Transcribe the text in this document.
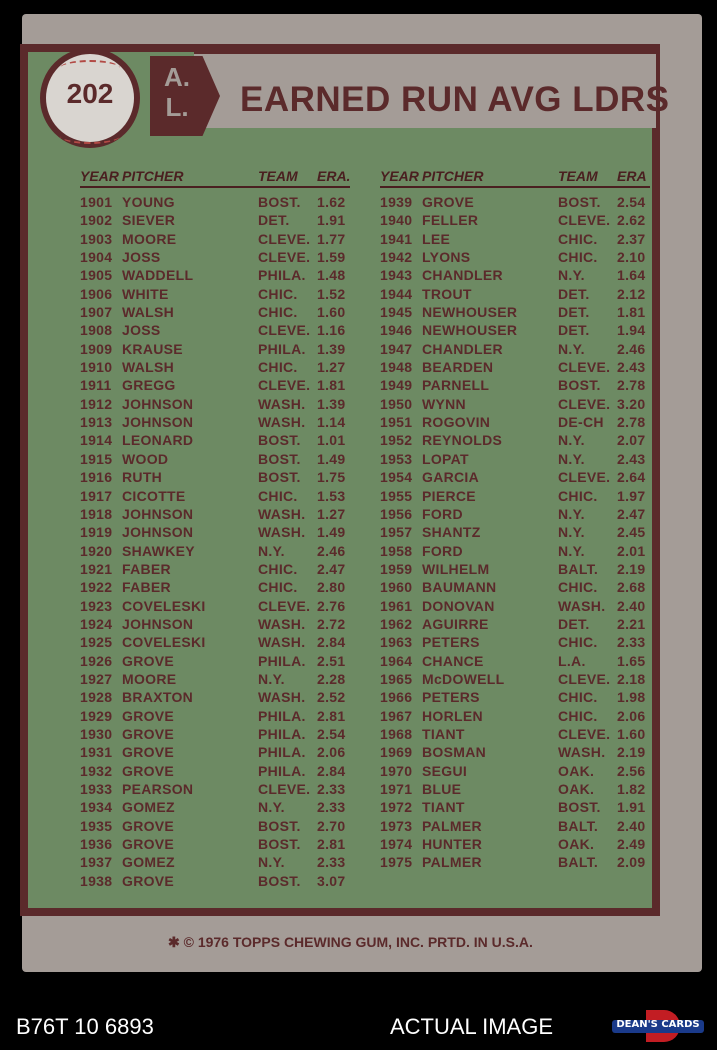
EARNED RUN AVG LDRS
A.
L.
202
YEAR PITCHER	TEAM ERA.
1901 YOUNG	BOST. 1.62
1902 SIEVER	DET. 1.91
1903 MOORE	CLEVE. 1.77
1904 JOSS	CLEVE. 1.59
1905 WADDELL	PHILA. 1.48
1906 WHITE	CHIC. 1.52
1907 WALSH	CHIC. 1.60
1908 JOSS	CLEVE. 1.16
1909 KRAUSE	PHILA. 1.39
1910 WALSH	CHIC. 1.27
1911 GREGG	CLEVE. 1.81
1912 JOHNSON	WASH. 1.39
1913 JOHNSON	WASH. 1.14
1914 LEONARD	BOST. 1.01
1915 WOOD	BOST. 1.49
1916 RUTH	BOST. 1.75
1917 CICOTTE	CHIC. 1.53
1918 JOHNSON	WASH. 1.27
1919 JOHNSON	WASH. 1.49
1920 SHAWKEY	N.Y. 2.46
1921 FABER	CHIC. 2.47
1922 FABER	CHIC. 2.80
1923 COVELESKI	CLEVE. 2.76
1924 JOHNSON	WASH. 2.72
1925 COVELESKI	WASH. 2.84
1926 GROVE	PHILA. 2.51
1927 MOORE	N.Y. 2.28
1928 BRAXTON	WASH. 2.52
1929 GROVE	PHILA. 2.81
1930 GROVE	PHILA. 2.54
1931 GROVE	PHILA. 2.06
1932 GROVE	PHILA. 2.84
1933 PEARSON	CLEVE. 2.33
1934 GOMEZ	N.Y. 2.33
1935 GROVE	BOST. 2.70
1936 GROVE	BOST. 2.81
1937 GOMEZ	N.Y. 2.33
1938 GROVE	BOST. 3.07
YEAR PITCHER	TEAM ERA
1939 GROVE	BOST. 2.54
1940 FELLER	CLEVE. 2.62
1941 LEE	CHIC. 2.37
1942 LYONS	CHIC. 2.10
1943 CHANDLER	N.Y. 1.64
1944 TROUT	DET. 2.12
1945 NEWHOUSER	DET. 1.81
1946 NEWHOUSER	DET. 1.94
1947 CHANDLER	N.Y. 2.46
1948 BEARDEN	CLEVE. 2.43
1949 PARNELL	BOST. 2.78
1950 WYNN	CLEVE. 3.20
1951 ROGOVIN	DE-CH 2.78
1952 REYNOLDS	N.Y. 2.07
1953 LOPAT	N.Y. 2.43
1954 GARCIA	CLEVE. 2.64
1955 PIERCE	CHIC. 1.97
1956 FORD	N.Y. 2.47
1957 SHANTZ	N.Y. 2.45
1958 FORD	N.Y. 2.01
1959 WILHELM	BALT. 2.19
1960 BAUMANN	CHIC. 2.68
1961 DONOVAN	WASH. 2.40
1962 AGUIRRE	DET. 2.21
1963 PETERS	CHIC. 2.33
1964 CHANCE	L.A. 1.65
1965 McDOWELL	CLEVE. 2.18
1966 PETERS	CHIC. 1.98
1967 HORLEN	CHIC. 2.06
1968 TIANT	CLEVE. 1.60
1969 BOSMAN	WASH. 2.19
1970 SEGUI	OAK. 2.56
1971 BLUE	OAK. 1.82
1972 TIANT	BOST. 1.91
1973 PALMER	BALT. 2.40
1974 HUNTER	OAK. 2.49
1975 PALMER	BALT. 2.09
✱ © 1976 TOPPS CHEWING GUM, INC. PRTD. IN U.S.A.
B76T 10 6893	ACTUAL IMAGE	DEAN'S CARDS
